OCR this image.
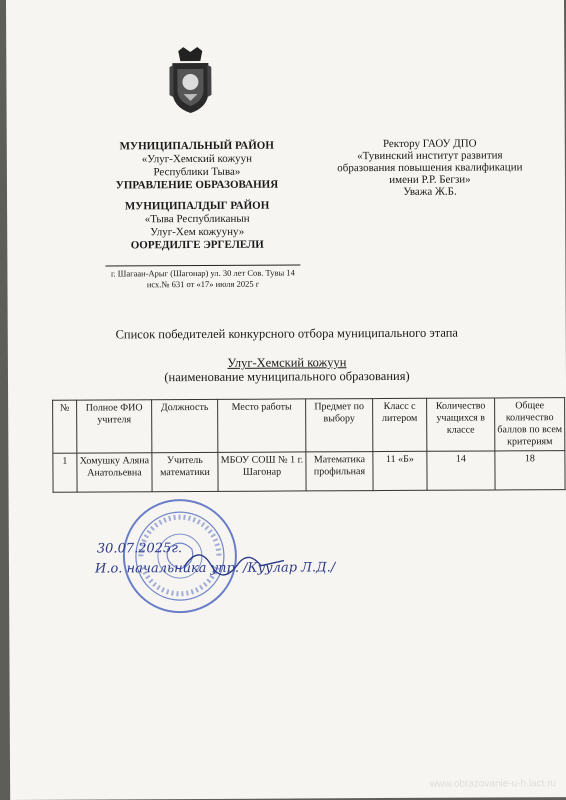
МУНИЦИПАЛЬНЫЙ РАЙОН
«Улуг-Хемский кожуун
Республики Тыва»
УПРАВЛЕНИЕ ОБРАЗОВАНИЯ
МУНИЦИПАЛДЫГ РАЙОН
«Тыва Республиканын
Улуг-Хем кожууну»
ООРЕДИЛГЕ ЭРГЕЛЕЛИ
г. Шагаан-Арыг (Шагонар) ул. 30 лет Сов. Тувы 14
исх.№ 631 от «17» июля 2025 г
Ректору ГАОУ ДПО
«Тувинский институт развития
образования повышения квалификации
имени Р.Р. Бегзи»
Уважа Ж.Б.
Список победителей конкурсного отбора муниципального этапа
Улуг-Хемский кожуун
(наименование муниципального образования)
№	Полное ФИО учителя	Должность	Место работы	Предмет по выбору	Класс с литером	Количество учащихся в классе	Общее количество баллов по всем критериям
1	Хомушку Аляна Анатольевна	Учитель математики	МБОУ СОШ № 1 г. Шагонар	Математика профильная	11 «Б»	14	18
30.07.2025г.
И.о. начальника упр. /Куулар Л.Д./
www.obrazovanie-u-h.lact.ru
